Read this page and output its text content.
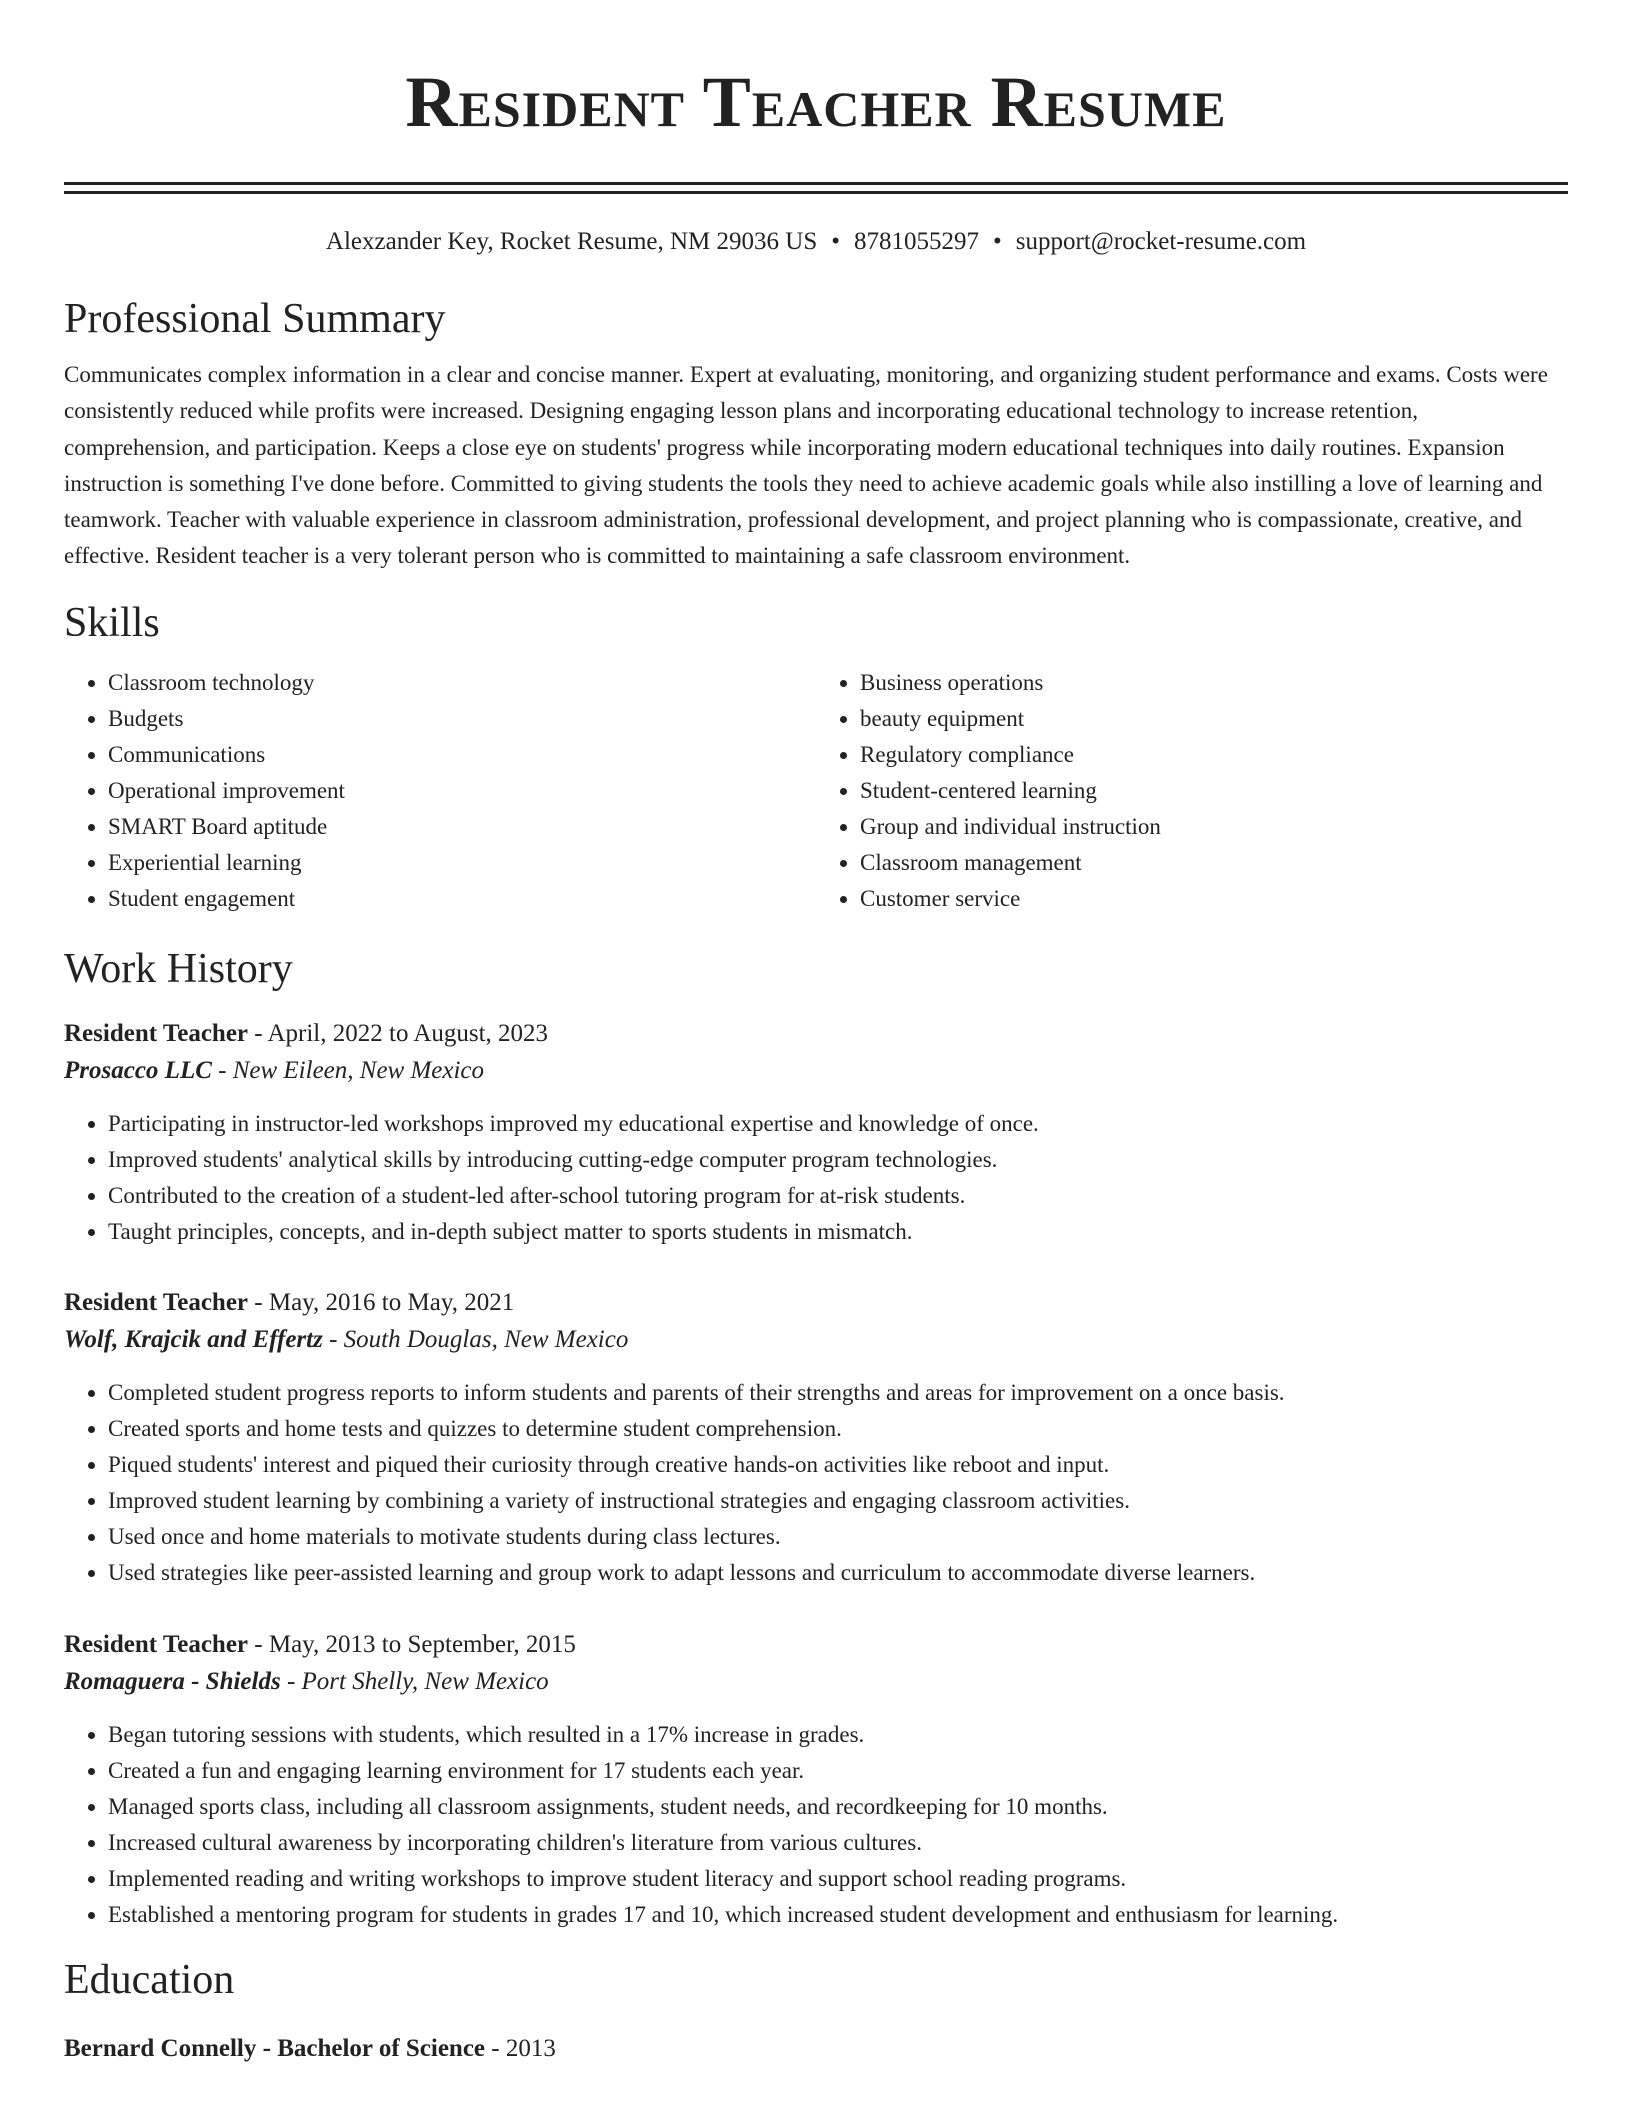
Resident Teacher Resume
Alexzander Key, Rocket Resume, NM 29036 US • 8781055297 • support@rocket-resume.com
Professional Summary

Communicates complex information in a clear and concise manner. Expert at evaluating, monitoring, and organizing student performance and exams. Costs were consistently reduced while profits were increased. Designing engaging lesson plans and incorporating educational technology to increase retention, comprehension, and participation. Keeps a close eye on students' progress while incorporating modern educational techniques into daily routines. Expansion instruction is something I've done before. Committed to giving students the tools they need to achieve academic goals while also instilling a love of learning and teamwork. Teacher with valuable experience in classroom administration, professional development, and project planning who is compassionate, creative, and effective. Resident teacher is a very tolerant person who is committed to maintaining a safe classroom environment.

Skills
• Classroom technology
• Budgets
• Communications
• Operational improvement
• SMART Board aptitude
• Experiential learning
• Student engagement
• Business operations
• beauty equipment
• Regulatory compliance
• Student-centered learning
• Group and individual instruction
• Classroom management
• Customer service
Work History
Resident Teacher - April, 2022 to August, 2023
Prosacco LLC - New Eileen, New Mexico
• Participating in instructor-led workshops improved my educational expertise and knowledge of once.
• Improved students' analytical skills by introducing cutting-edge computer program technologies.
• Contributed to the creation of a student-led after-school tutoring program for at-risk students.
• Taught principles, concepts, and in-depth subject matter to sports students in mismatch.
Resident Teacher - May, 2016 to May, 2021
Wolf, Krajcik and Effertz - South Douglas, New Mexico
• Completed student progress reports to inform students and parents of their strengths and areas for improvement on a once basis.
• Created sports and home tests and quizzes to determine student comprehension.
• Piqued students' interest and piqued their curiosity through creative hands-on activities like reboot and input.
• Improved student learning by combining a variety of instructional strategies and engaging classroom activities.
• Used once and home materials to motivate students during class lectures.
• Used strategies like peer-assisted learning and group work to adapt lessons and curriculum to accommodate diverse learners.
Resident Teacher - May, 2013 to September, 2015
Romaguera - Shields - Port Shelly, New Mexico
• Began tutoring sessions with students, which resulted in a 17% increase in grades.
• Created a fun and engaging learning environment for 17 students each year.
• Managed sports class, including all classroom assignments, student needs, and recordkeeping for 10 months.
• Increased cultural awareness by incorporating children's literature from various cultures.
• Implemented reading and writing workshops to improve student literacy and support school reading programs.
• Established a mentoring program for students in grades 17 and 10, which increased student development and enthusiasm for learning.
Education
Bernard Connelly - Bachelor of Science - 2013
